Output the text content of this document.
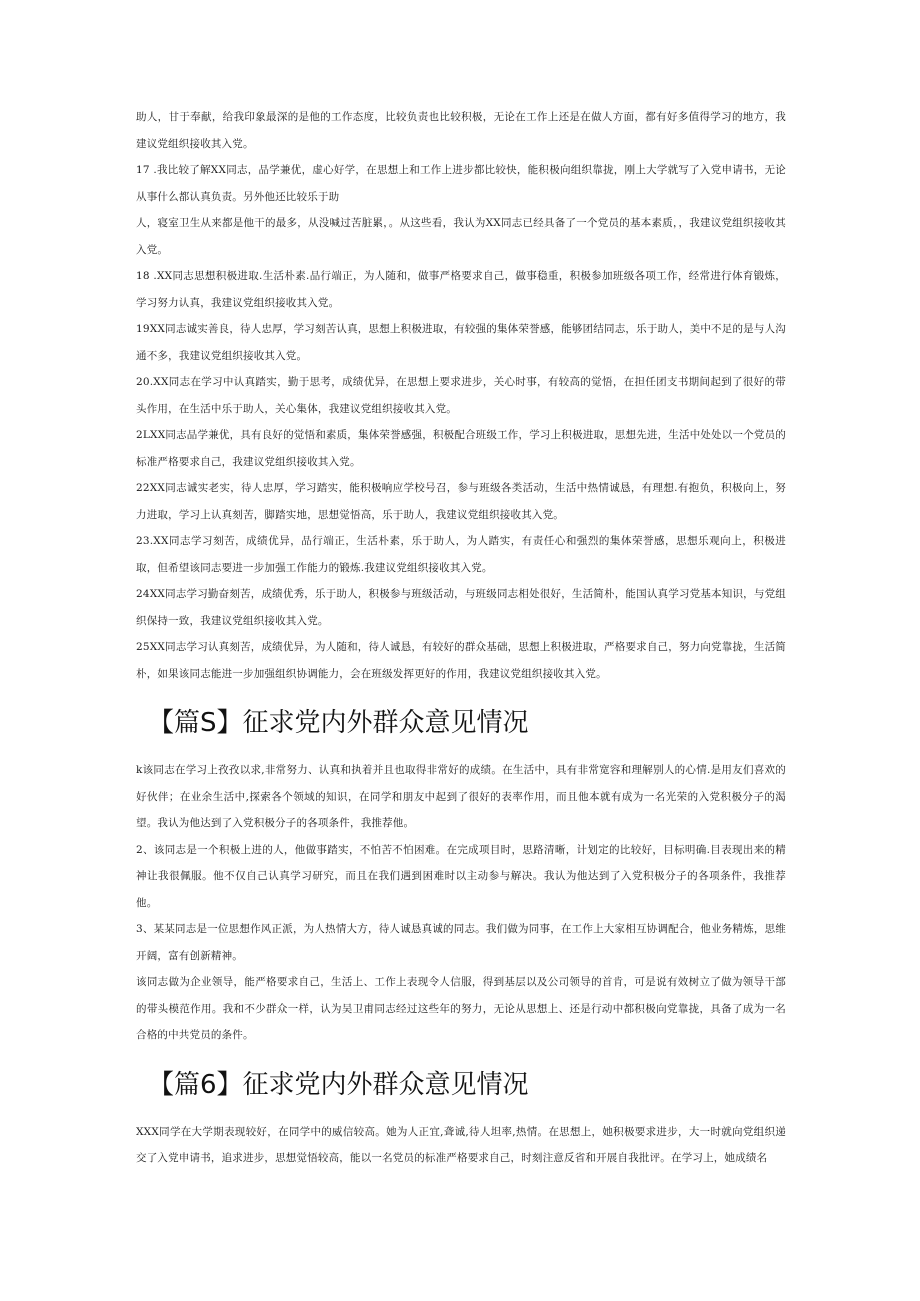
助人，甘于奉献，给我印象最深的是他的工作态度，比较负责也比较积极，无论在工作上还是在做人方面，都有好多值得学习的地方，我建议党组织接收其入党。

17 .我比较了解XX同志，品学兼优，虚心好学，在思想上和工作上进步都比较快，能积极向组织靠拢，刚上大学就写了入党申请书，无论从事什么都认真负责。另外他还比较乐于助

人，寝室卫生从来都是他干的最多，从没喊过苦脏累，。从这些看，我认为XX同志已经具备了一个党员的基本素质，，我建议党组织接收其入党。

18 .XX同志思想积极进取.生活朴素.品行端正，为人随和，做事严格要求自己，做事稳重，积极参加班级各项工作，经常进行体育锻炼，学习努力认真，我建议党组织接收其入党。

19XX同志诚实善良，待人忠厚，学习刻苦认真，思想上积极进取，有较强的集体荣誉感，能够团结同志，乐于助人，美中不足的是与人沟通不多，我建议党组织接收其入党。

20.XX同志在学习中认真踏实，勤于思考，成绩优异，在思想上要求进步，关心时事，有较高的觉悟，在担任团支书期间起到了很好的带头作用，在生活中乐于助人，关心集体，我建议党组织接收其入党。

2LXX同志品学兼优，具有良好的觉悟和素质，集体荣誉感强，积极配合班级工作，学习上积极进取，思想先进，生活中处处以一个党员的标准严格要求自己，我建议党组织接收其入党。

22XX同志诚实老实，待人忠厚，学习踏实，能积极响应学校号召，参与班级各类活动，生活中热情诚恳，有理想.有抱负，积极向上，努力进取，学习上认真刻苦，脚踏实地，思想觉悟高，乐于助人，我建议党组织接收其入党。

23.XX同志学习刻苦，成绩优异，品行端正，生活朴素，乐于助人，为人踏实，有责任心和强烈的集体荣誉感，思想乐观向上，积极进取，但希望该同志要进一步加强工作能力的锻炼.我建议党组织接收其入党。

24XX同志学习勤奋刻苦，成绩优秀，乐于助人，积极参与班级活动，与班级同志相处很好，生活简朴，能国认真学习党基本知识，与党组织保持一致，我建议党组织接收其入党。

25XX同志学习认真刻苦，成绩优异，为人随和，待人诚恳，有较好的群众基础，思想上积极进取，严格要求自己，努力向党靠拢，生活简朴，如果该同志能进一步加强组织协调能力，会在班级发挥更好的作用，我建议党组织接收其入党。

【篇S】征求党内外群众意见情况

k该同志在学习上孜孜以求,非常努力、认真和执着并且也取得非常好的成绩。在生活中，具有非常宽容和理解别人的心情.是用友们喜欢的好伙伴；在业余生活中,探索各个领域的知识，在同学和朋友中起到了很好的表率作用，而且他本就有成为一名光荣的入党积极分子的渴望。我认为他达到了入党积极分子的各项条件，我推荐他。

2、该同志是一个积极上进的人，他做事踏实，不怕苦不怕困难。在完成项目时，思路清晰，计划定的比较好，目标明确.目表现出来的精神让我很佩服。他不仅自己认真学习研究，而且在我们遇到困难时以主动参与解决。我认为他达到了入党积极分子的各项条件，我推荐他。

3、某某同志是一位思想作风正派，为人热情大方，待人诚恳真诚的同志。我们做为同事，在工作上大家相互协调配合，他业务精炼，思维开阔，富有创新精神。

该同志做为企业领导，能严格要求自己，生活上、工作上表现令人信服，得到基层以及公司领导的首肯，可是说有效树立了做为领导干部的带头模范作用。我和不少群众一样，认为吴卫甫同志经过这些年的努力，无论从思想上、还是行动中都积极向党靠拢，具备了成为一名合格的中共党员的条件。

【篇6】征求党内外群众意见情况

XXX同学在大学期表现较好，在同学中的威信较高。她为人正宜,聋诚,待人坦率,热情。在思想上，她积极要求进步，大一时就向党组织递交了入党申请书，追求进步，思想觉悟较高，能以一名党员的标准严格要求自己，时刻注意反省和开展自我批评。在学习上，她成绩名
